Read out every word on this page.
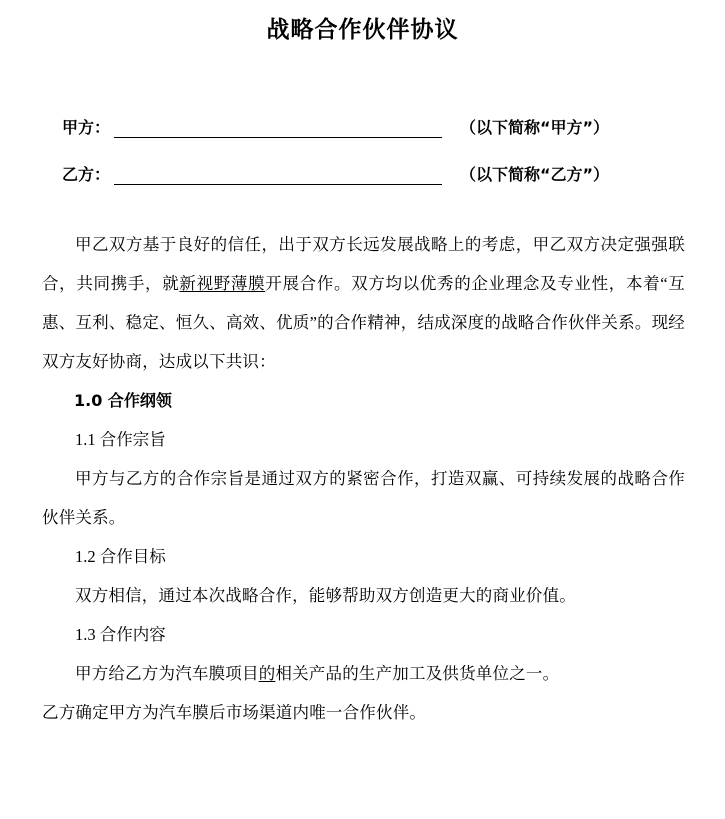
战略合作伙伴协议
甲方：	（以下简称“甲方”）
乙方：	（以下简称“乙方”）

甲乙双方基于良好的信任，出于双方长远发展战略上的考虑，甲乙双方决定强强联合，共同携手，就新视野薄膜开展合作。双方均以优秀的企业理念及专业性，本着“互惠、互利、稳定、恒久、高效、优质”的合作精神，结成深度的战略合作伙伴关系。现经双方友好协商，达成以下共识：

1.0 合作纲领

1.1 合作宗旨

甲方与乙方的合作宗旨是通过双方的紧密合作，打造双赢、可持续发展的战略合作伙伴关系。

1.2 合作目标

双方相信，通过本次战略合作，能够帮助双方创造更大的商业价值。

1.3 合作内容

甲方给乙方为汽车膜项目的相关产品的生产加工及供货单位之一。

乙方确定甲方为汽车膜后市场渠道内唯一合作伙伴。
